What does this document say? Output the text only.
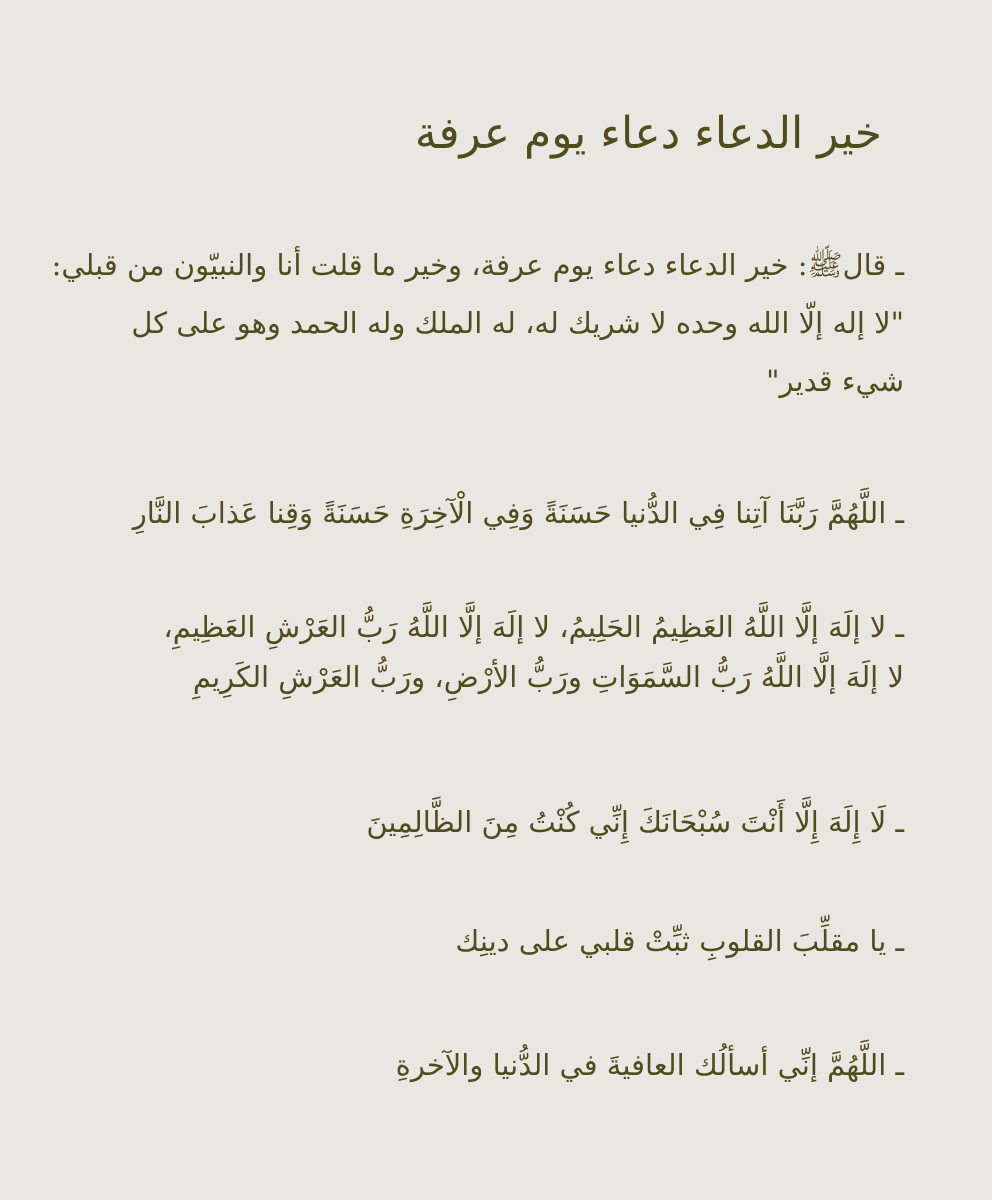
خير الدعاء دعاء يوم عرفة
ـ قالﷺ: خير الدعاء دعاء يوم عرفة، وخير ما قلت أنا والنبيّون من قبلي:
"لا إله إلّا الله وحده لا شريك له، له الملك وله الحمد وهو على كل
شيء قدير"
ـ اللَّهُمَّ رَبَّنَا آتِنا فِي الدُّنيا حَسَنَةً وَفِي الْآخِرَةِ حَسَنَةً وَقِنا عَذابَ النَّارِ
ـ لا إلَهَ إلَّا اللَّهُ العَظِيمُ الحَلِيمُ، لا إلَهَ إلَّا اللَّهُ رَبُّ العَرْشِ العَظِيمِ،
لا إلَهَ إلَّا اللَّهُ رَبُّ السَّمَوَاتِ ورَبُّ الأرْضِ، ورَبُّ العَرْشِ الكَرِيمِ
ـ لَا إِلَهَ إِلَّا أَنْتَ سُبْحَانَكَ إِنِّي كُنْتُ مِنَ الظَّالِمِينَ
ـ يا مقلِّبَ القلوبِ ثبِّتْ قلبي على دينِك
ـ اللَّهُمَّ إنِّي أسألُك العافيةَ في الدُّنيا والآخرةِ
